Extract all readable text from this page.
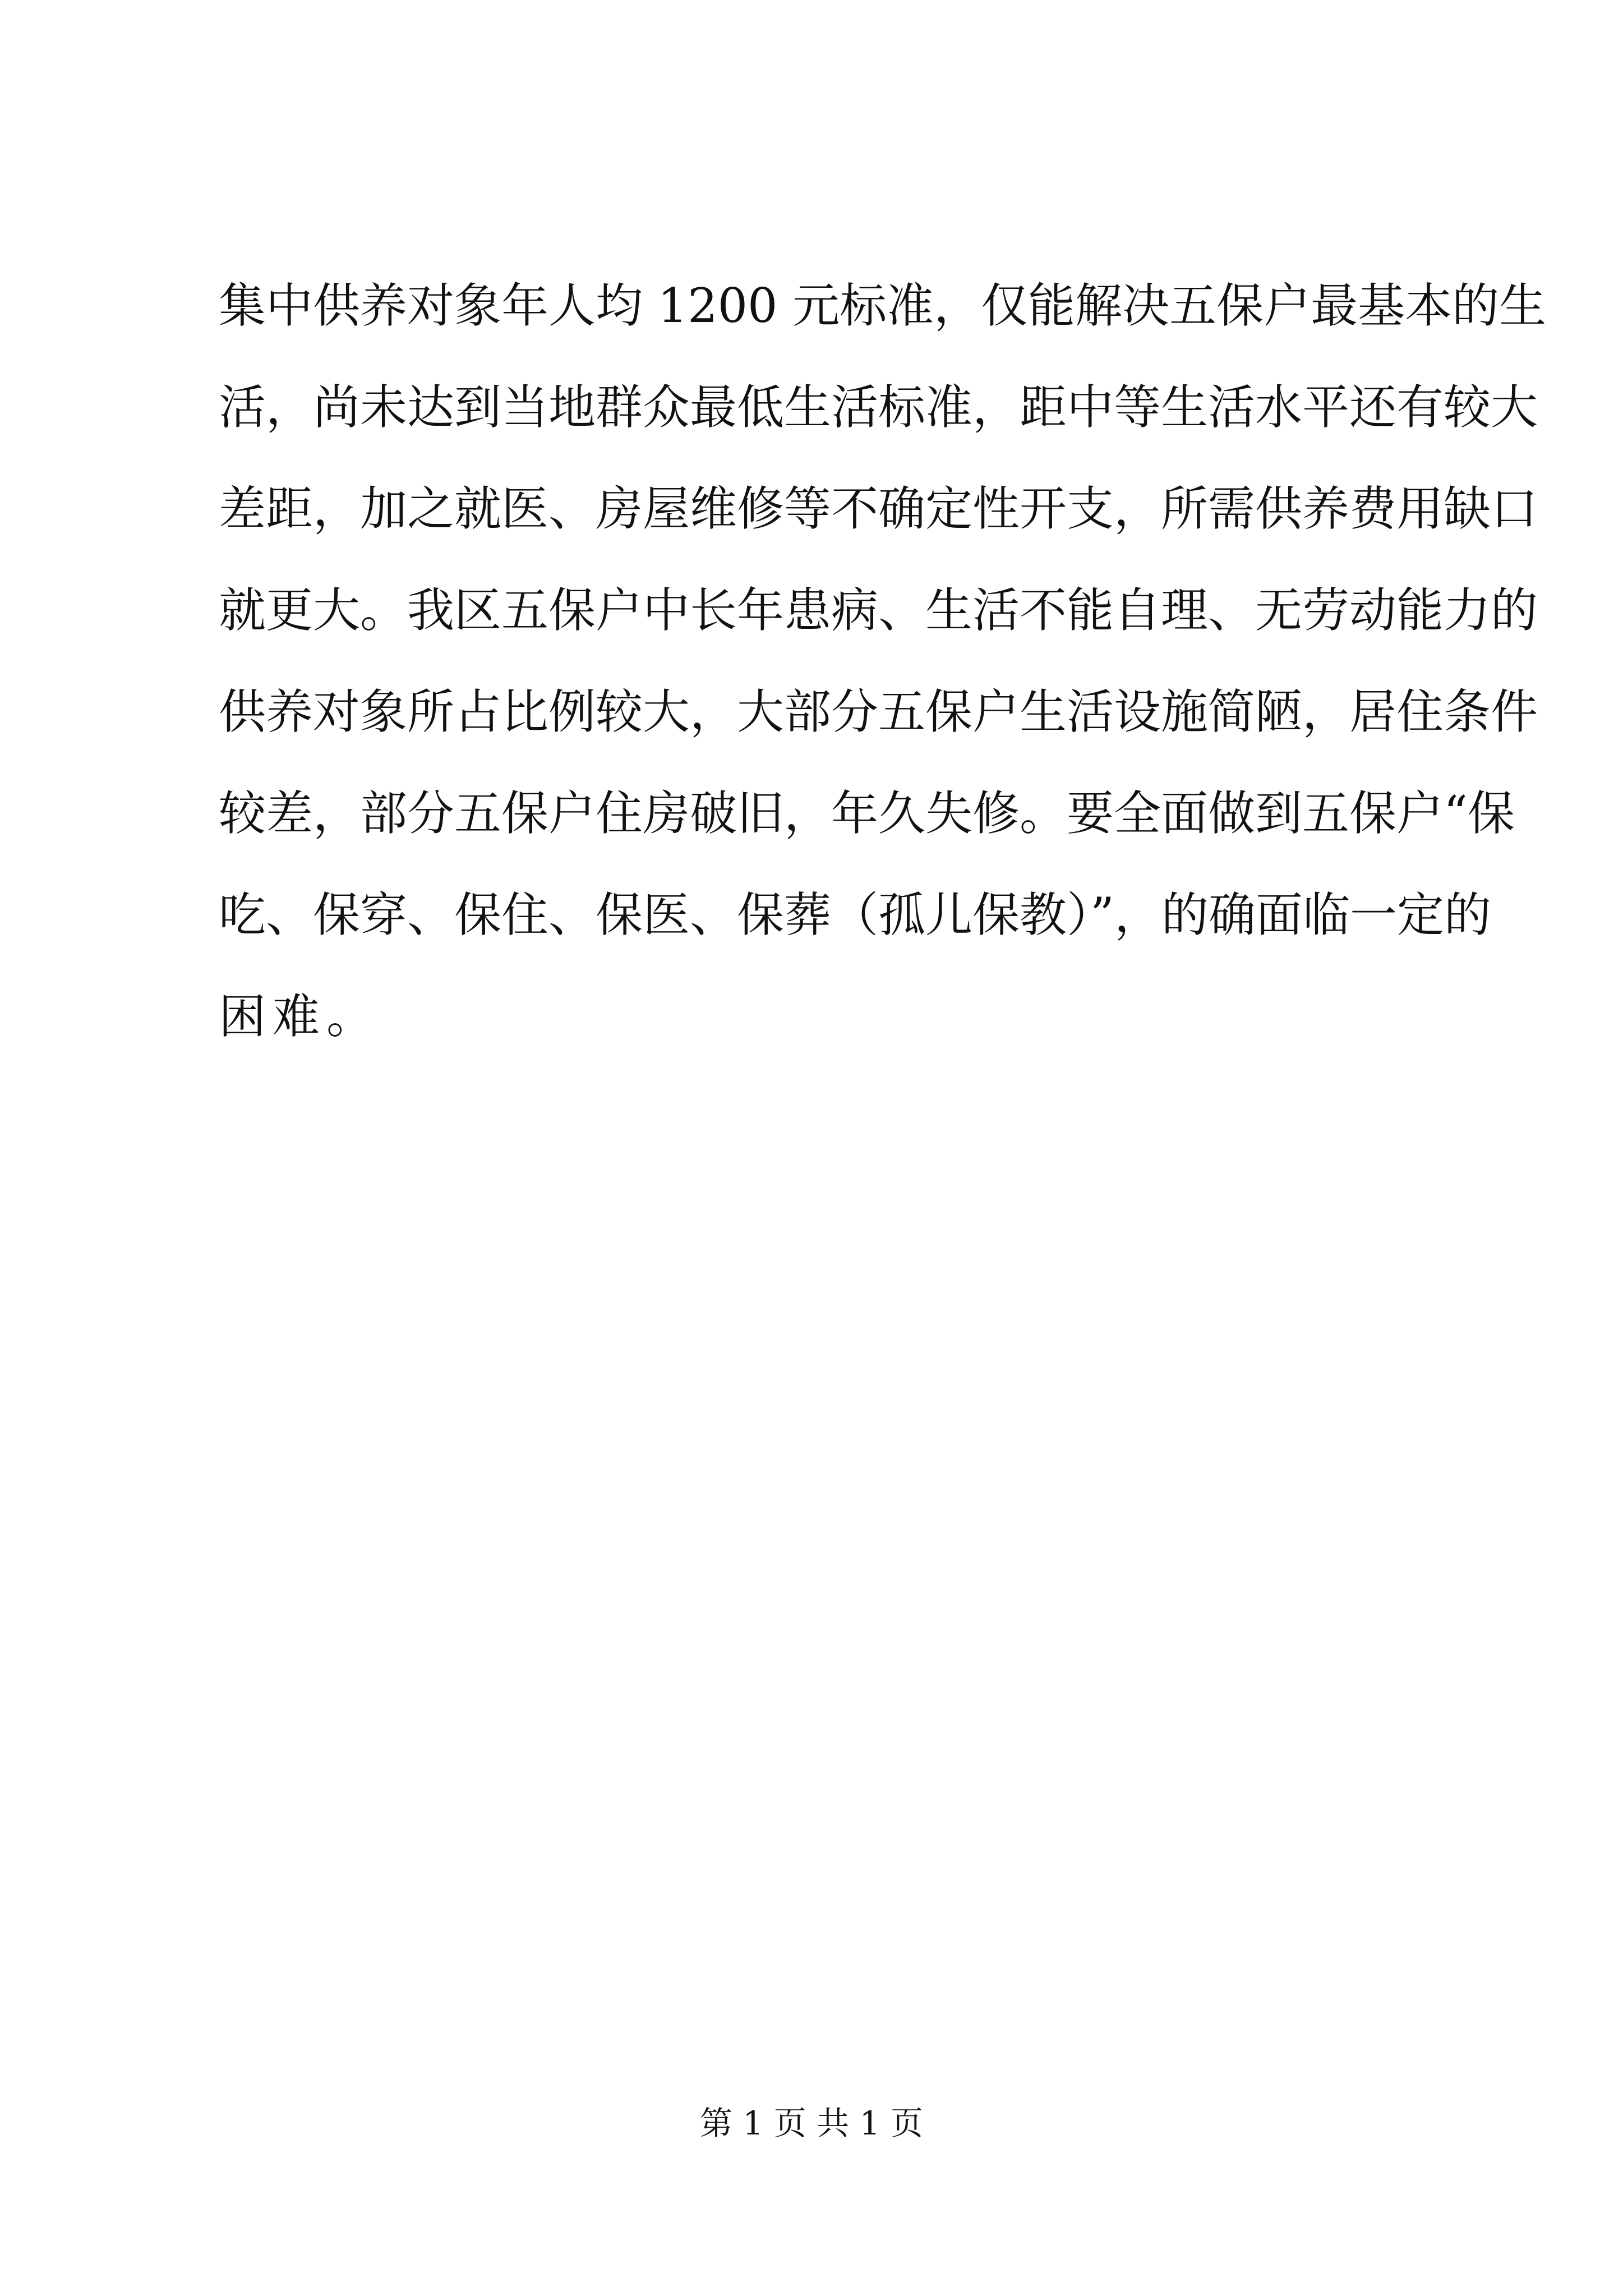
集中供养对象年人均 1200 元标准，仅能解决五保户最基本的生
活，尚未达到当地群众最低生活标准，距中等生活水平还有较大
差距，加之就医、房屋维修等不确定性开支，所需供养费用缺口
就更大。我区五保户中长年患病、生活不能自理、无劳动能力的
供养对象所占比例较大，大部分五保户生活设施简陋，居住条件
较差，部分五保户住房破旧，年久失修。要全面做到五保户“保
吃、保穿、保住、保医、保葬（孤儿保教）”，的确面临一定的
困难。
第 1 页 共 1 页
